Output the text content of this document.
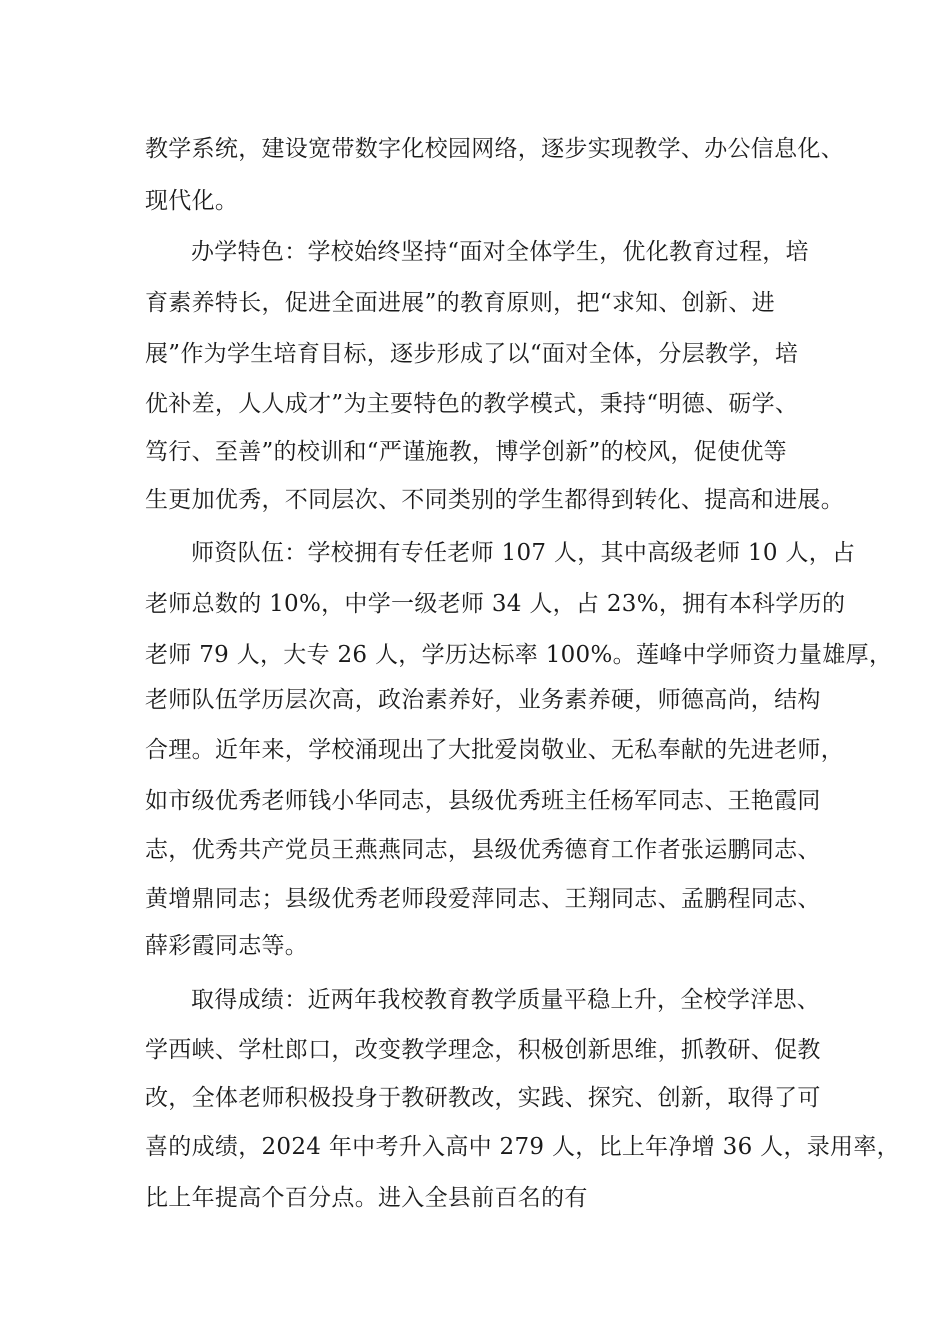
教学系统，建设宽带数字化校园网络，逐步实现教学、办公信息化、
现代化。
办学特色：学校始终坚持“面对全体学生，优化教育过程，培
育素养特长，促进全面进展”的教育原则，把“求知、创新、进
展”作为学生培育目标，逐步形成了以“面对全体，分层教学，培
优补差，人人成才”为主要特色的教学模式，秉持“明德、砺学、
笃行、至善”的校训和“严谨施教，博学创新”的校风，促使优等
生更加优秀，不同层次、不同类别的学生都得到转化、提高和进展。
师资队伍：学校拥有专任老师 107 人，其中高级老师 10 人，占
老师总数的 10%，中学一级老师 34 人，占 23%，拥有本科学历的
老师 79 人，大专 26 人，学历达标率 100%。莲峰中学师资力量雄厚，
老师队伍学历层次高，政治素养好，业务素养硬，师德高尚，结构
合理。近年来，学校涌现出了大批爱岗敬业、无私奉献的先进老师，
如市级优秀老师钱小华同志，县级优秀班主任杨军同志、王艳霞同
志，优秀共产党员王燕燕同志，县级优秀德育工作者张运鹏同志、
黄增鼎同志；县级优秀老师段爱萍同志、王翔同志、孟鹏程同志、
薛彩霞同志等。
取得成绩：近两年我校教育教学质量平稳上升，全校学洋思、
学西峡、学杜郎口，改变教学理念，积极创新思维，抓教研、促教
改，全体老师积极投身于教研教改，实践、探究、创新，取得了可
喜的成绩，2024 年中考升入高中 279 人，比上年净增 36 人，录用率，
比上年提高个百分点。进入全县前百名的有
